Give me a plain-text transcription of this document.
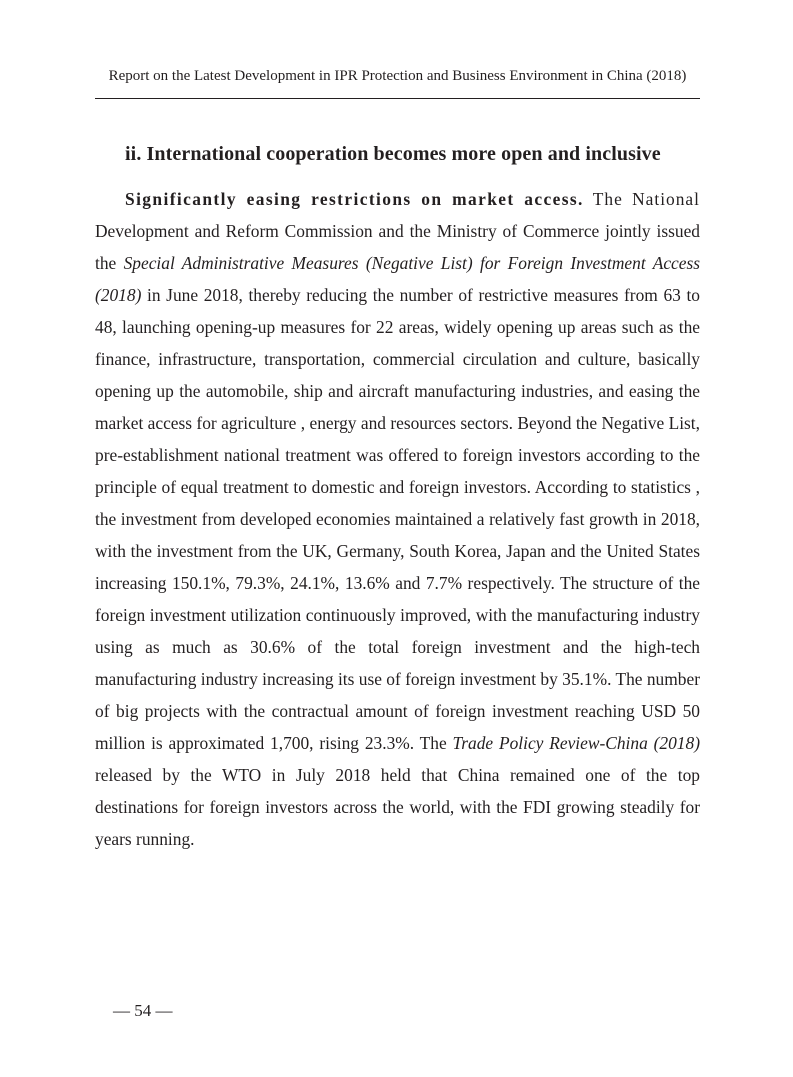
Report on the Latest Development in IPR Protection and Business Environment in China (2018)
ii. International cooperation becomes more open and inclusive

Significantly easing restrictions on market access. The National Development and Reform Commission and the Ministry of Commerce jointly issued the Special Administrative Measures (Negative List) for Foreign Investment Access (2018) in June 2018, thereby reducing the number of restrictive measures from 63 to 48, launching opening-up measures for 22 areas, widely opening up areas such as the finance, infrastructure, transportation, commercial circulation and culture, basically opening up the automobile, ship and aircraft manufacturing industries, and easing the market access for agriculture , energy and resources sectors. Beyond the Negative List, pre-establishment national treatment was offered to foreign investors according to the principle of equal treatment to domestic and foreign investors. According to statistics , the investment from developed economies maintained a relatively fast growth in 2018, with the investment from the UK, Germany, South Korea, Japan and the United States increasing 150.1%, 79.3%, 24.1%, 13.6% and 7.7% respectively. The structure of the foreign investment utilization continuously improved, with the manufacturing industry using as much as 30.6% of the total foreign investment and the high-tech manufacturing industry increasing its use of foreign investment by 35.1%. The number of big projects with the contractual amount of foreign investment reaching USD 50 million is approximated 1,700, rising 23.3%. The Trade Policy Review-China (2018) released by the WTO in July 2018 held that China remained one of the top destinations for foreign investors across the world, with the FDI growing steadily for years running.

— 54 —
